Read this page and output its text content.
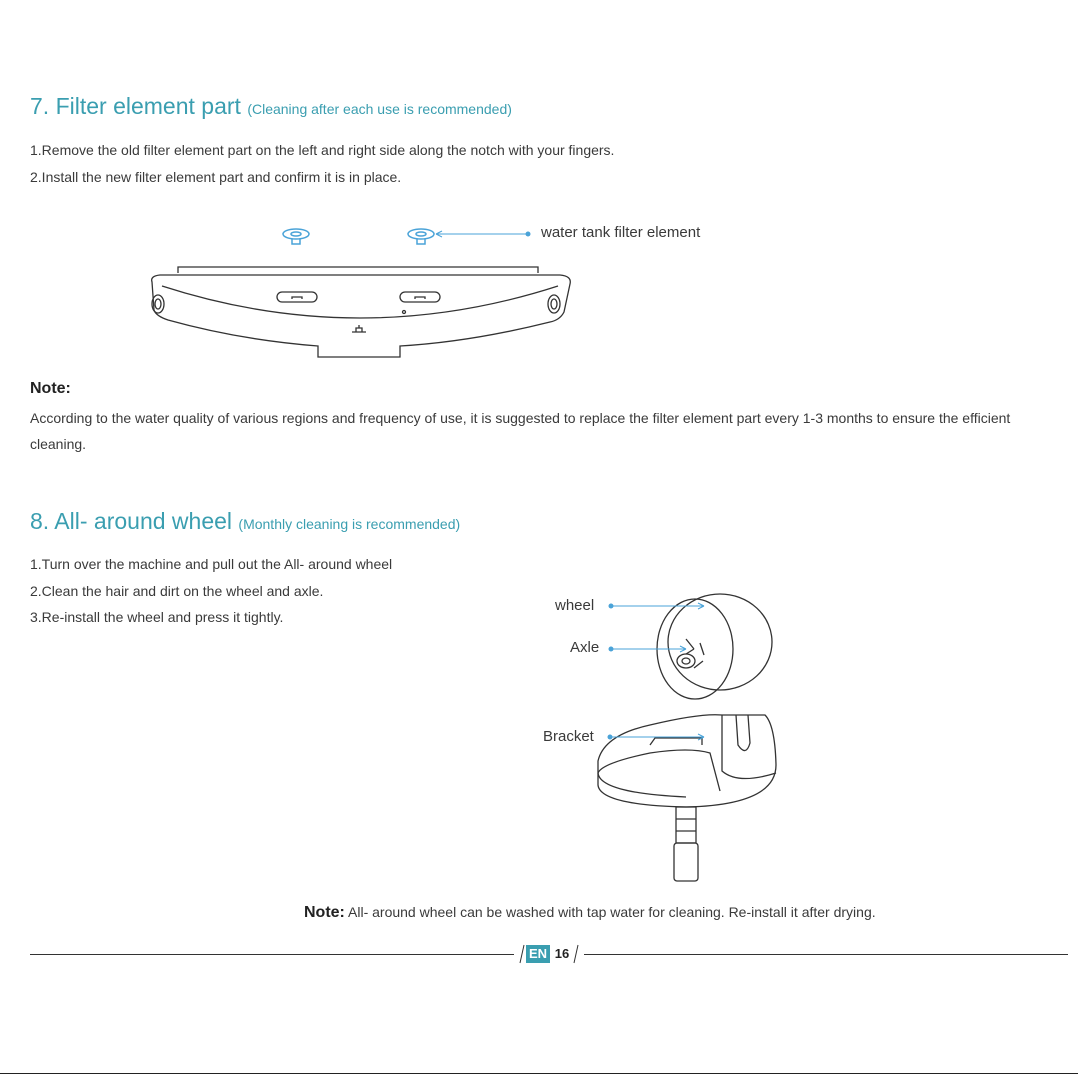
7. Filter element part (Cleaning after each use is recommended)
1.Remove the old filter element part on the left and right side along the notch with your fingers.
2.Install the new filter element part and confirm it is in place.
water tank filter element
Note:
According to the water quality of various regions and frequency of use, it is suggested to replace the filter element part every 1-3 months to ensure the efficient cleaning.
8. All- around wheel (Monthly cleaning is recommended)
1.Turn over the machine and pull out the All- around wheel
2.Clean the hair and dirt on the wheel and axle.
3.Re-install the wheel and press it tightly.
wheel
Axle
Bracket
Note: All- around wheel can be washed with tap water for cleaning. Re-install it after drying.
EN 16
